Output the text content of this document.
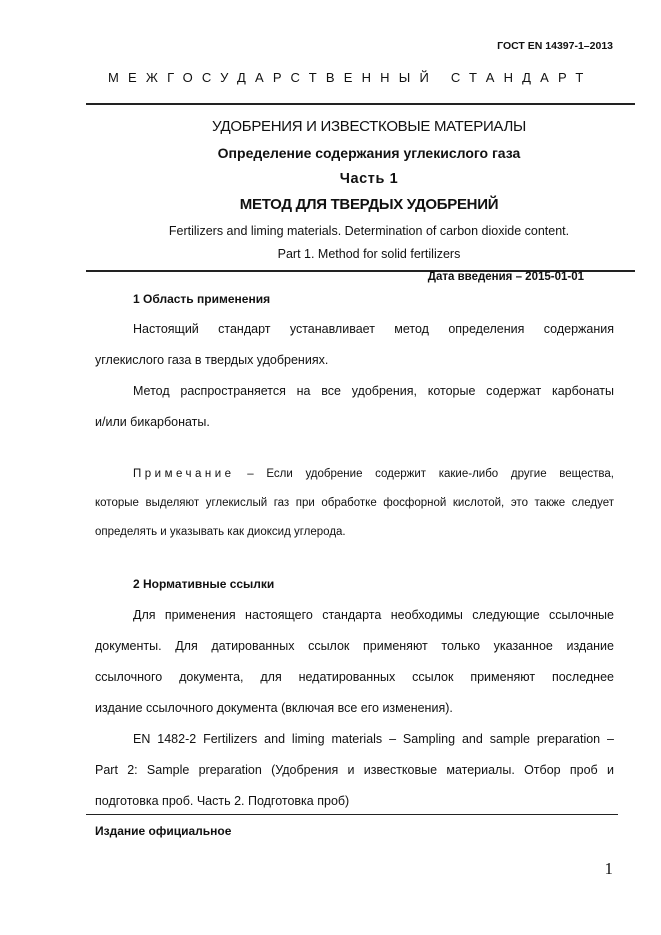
ГОСТ EN 14397-1–2013
МЕЖГОСУДАРСТВЕННЫЙ СТАНДАРТ
УДОБРЕНИЯ И ИЗВЕСТКОВЫЕ МАТЕРИАЛЫ
Определение содержания углекислого газа
Часть 1
МЕТОД ДЛЯ ТВЕРДЫХ УДОБРЕНИЙ
Fertilizers and liming materials. Determination of carbon dioxide content.
Part 1. Method for solid fertilizers
Дата введения – 2015-01-01
1 Область применения
Настоящий стандарт устанавливает метод определения содержания
углекислого газа в твердых удобрениях.
Метод распространяется на все удобрения, которые содержат карбонаты
и/или бикарбонаты.
Примечание – Если удобрение содержит какие-либо другие вещества,
которые выделяют углекислый газ при обработке фосфорной кислотой, это также следует
определять и указывать как диоксид углерода.
2 Нормативные ссылки
Для применения настоящего стандарта необходимы следующие ссылочные
документы. Для датированных ссылок применяют только указанное издание
ссылочного документа, для недатированных ссылок применяют последнее
издание ссылочного документа (включая все его изменения).
EN 1482-2 Fertilizers and liming materials – Sampling and sample preparation –
Part 2: Sample preparation (Удобрения и известковые материалы. Отбор проб и
подготовка проб. Часть 2. Подготовка проб)
Издание официальное
1
